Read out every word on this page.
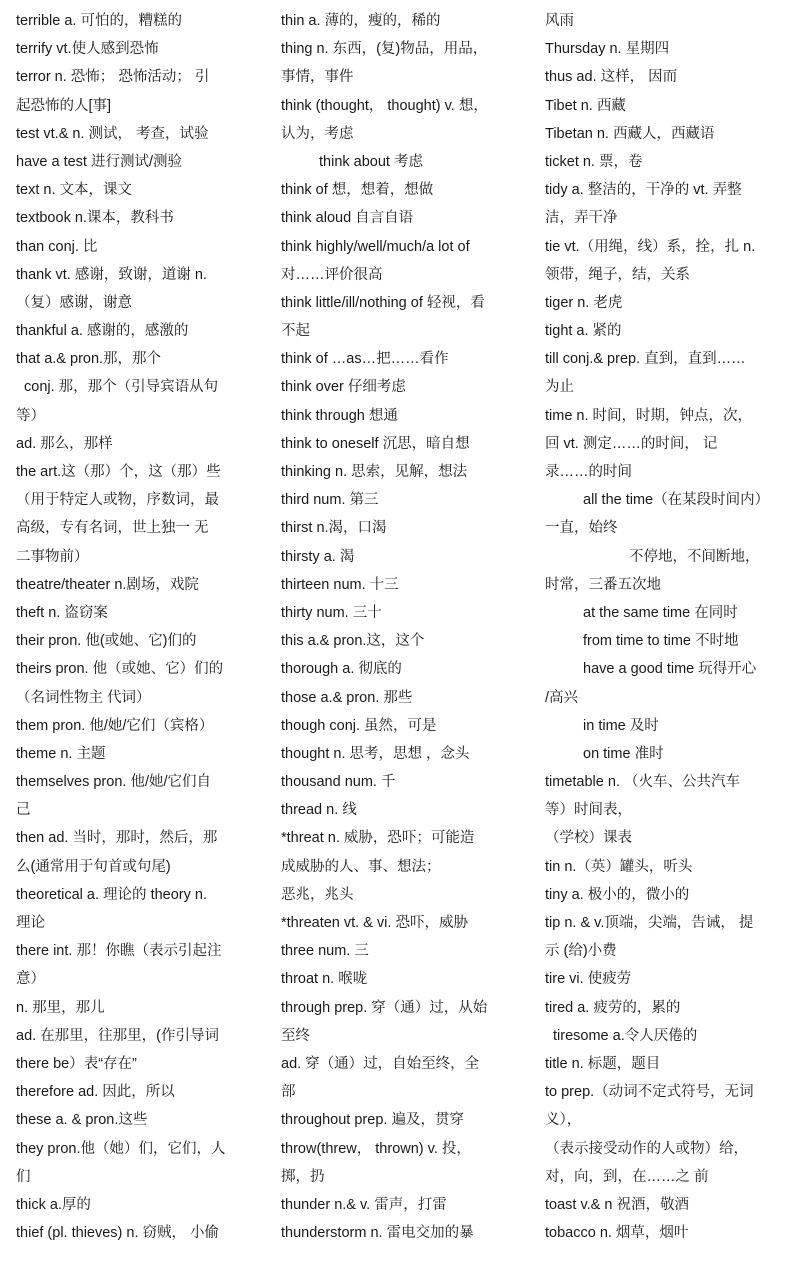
terrible a. 可怕的，糟糕的
terrify vt.使人感到恐怖
terror n. 恐怖； 恐怖活动； 引
起恐怖的人[事]
test vt.& n. 测试， 考查，试验
have a test 进行测试/测验
text n. 文本，课文
textbook n.课本，教科书
than conj. 比
thank vt. 感谢，致谢，道谢 n.
（复）感谢，谢意
thankful a. 感谢的，感激的
that a.& pron.那，那个
conj. 那，那个（引导宾语从句
等）
ad. 那么，那样
the art.这（那）个，这（那）些
（用于特定人或物，序数词，最
高级，专有名词，世上独一 无
二事物前）
theatre/theater n.剧场，戏院
theft n. 盗窃案
their pron. 他(或她、它)们的
theirs pron. 他（或她、它）们的
（名词性物主 代词）
them pron. 他/她/它们（宾格）
theme n. 主题
themselves pron. 他/她/它们自
己
then ad. 当时，那时，然后，那
么(通常用于句首或句尾)
theoretical a. 理论的 theory n.
理论
there int. 那！你瞧（表示引起注
意）
n. 那里，那儿
ad. 在那里，往那里，(作引导词
there be）表“存在”
therefore ad. 因此，所以
these a. & pron.这些
they pron.他（她）们，它们，人
们
thick a.厚的
thief (pl. thieves) n. 窃贼， 小偷
thin a. 薄的，瘦的，稀的
thing n. 东西，(复)物品，用品，
事情，事件
think (thought， thought) v. 想，
认为，考虑
think about 考虑
think of 想，想着，想做
think aloud 自言自语
think highly/well/much/a lot of
对……评价很高
think little/ill/nothing of 轻视，看
不起
think of …as…把……看作
think over 仔细考虑
think through 想通
think to oneself 沉思，暗自想
thinking n. 思索，见解，想法
third num. 第三
thirst n.渴，口渴
thirsty a. 渴
thirteen num. 十三
thirty num. 三十
this a.& pron.这，这个
thorough a. 彻底的
those a.& pron. 那些
though conj. 虽然，可是
thought n. 思考，思想 ，念头
thousand num. 千
thread n. 线
*threat n. 威胁，恐吓；可能造
成威胁的人、事、想法；
恶兆，兆头
*threaten vt. & vi. 恐吓，威胁
three num. 三
throat n. 喉咙
through prep. 穿（通）过，从始
至终
ad. 穿（通）过，自始至终，全
部
throughout prep. 遍及，贯穿
throw(threw， thrown) v. 投，
掷，扔
thunder n.& v. 雷声，打雷
thunderstorm n. 雷电交加的暴
风雨
Thursday n. 星期四
thus ad. 这样， 因而
Tibet n. 西藏
Tibetan n. 西藏人，西藏语
ticket n. 票，卷
tidy a. 整洁的，干净的 vt. 弄整
洁，弄干净
tie vt.（用绳，线）系，拴，扎 n.
领带，绳子，结，关系
tiger n. 老虎
tight a. 紧的
till conj.& prep. 直到，直到……
为止
time n. 时间，时期，钟点，次，
回 vt. 测定……的时间， 记
录……的时间
all the time（在某段时间内）
一直，始终
不停地，不间断地，
时常，三番五次地
at the same time 在同时
from time to time 不时地
have a good time 玩得开心
/高兴
in time 及时
on time 准时
timetable n. （火车、公共汽车
等）时间表，
（学校）课表
tin n.（英）罐头，听头
tiny a. 极小的，微小的
tip n. & v.顶端，尖端，告诫， 提
示 (给)小费
tire vi. 使疲劳
tired a. 疲劳的，累的
tiresome a.令人厌倦的
title n. 标题，题目
to prep.（动词不定式符号，无词
义），
（表示接受动作的人或物）给，
对，向，到，在……之 前
toast v.& n 祝酒，敬酒
tobacco n. 烟草，烟叶
